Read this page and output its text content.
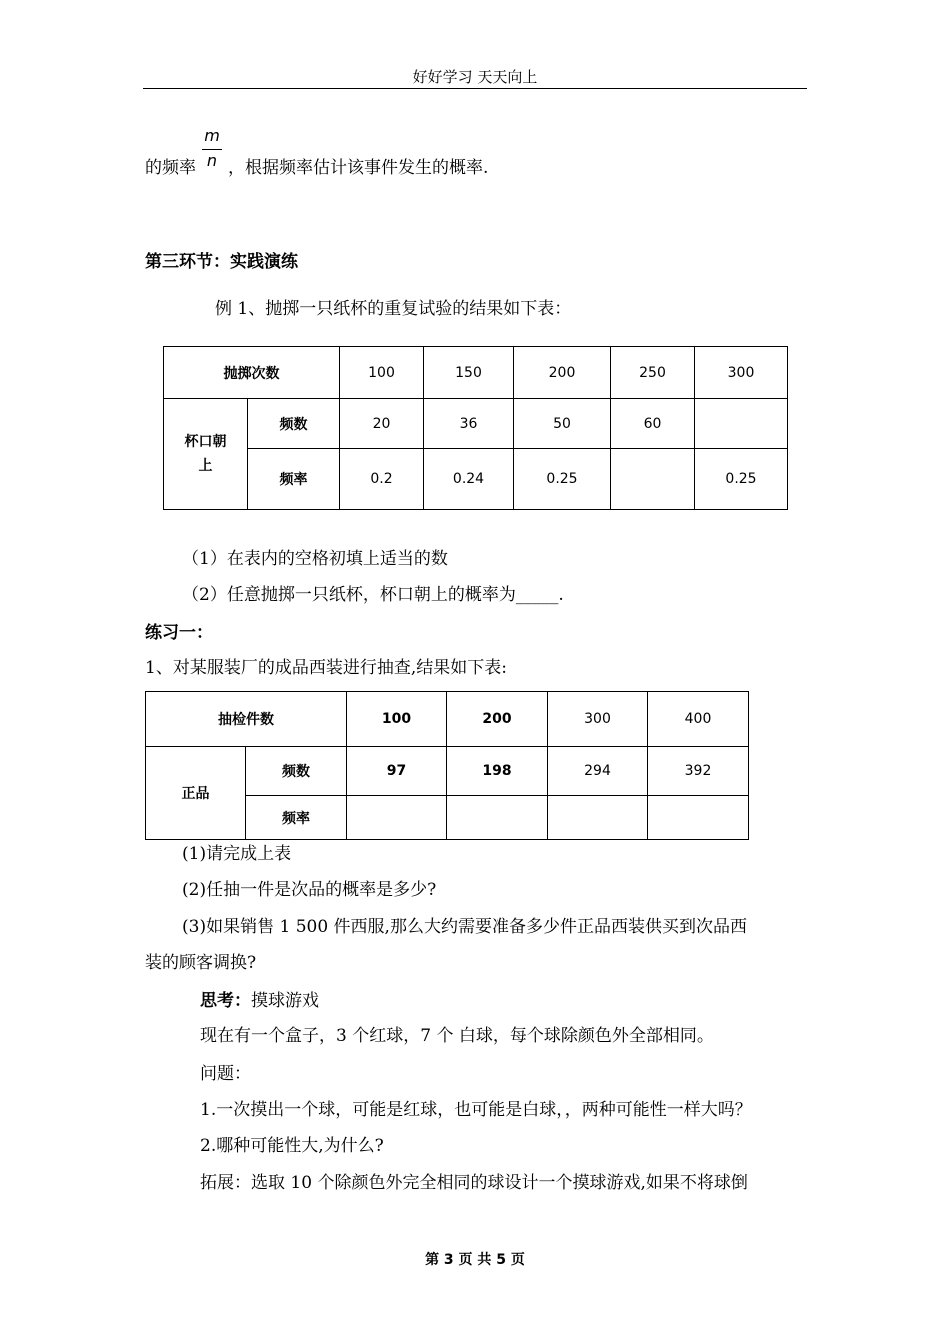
好好学习 天天向上
m
n
的频率 ，根据频率估计该事件发生的概率.
第三环节：实践演练
例 1、抛掷一只纸杯的重复试验的结果如下表：
抛掷次数		100	150	200	250	300
杯口朝上	频数	20	36	50	60	
	频率	0.2	0.24	0.25		0.25
（1）在表内的空格初填上适当的数
（2）任意抛掷一只纸杯，杯口朝上的概率为_____.
练习一：
1、对某服装厂的成品西装进行抽查,结果如下表:
抽检件数		100	200	300	400
正品	频数	97	198	294	392
	频率				
(1)请完成上表
(2)任抽一件是次品的概率是多少?
(3)如果销售 1 500 件西服,那么大约需要准备多少件正品西装供买到次品西
装的顾客调换?
思考：摸球游戏
现在有一个盒子，3 个红球，7 个 白球，每个球除颜色外全部相同。
问题：
1.一次摸出一个球，可能是红球，也可能是白球，，两种可能性一样大吗？
2.哪种可能性大,为什么?
拓展：选取 10 个除颜色外完全相同的球设计一个摸球游戏,如果不将球倒
第 3 页 共 5 页
